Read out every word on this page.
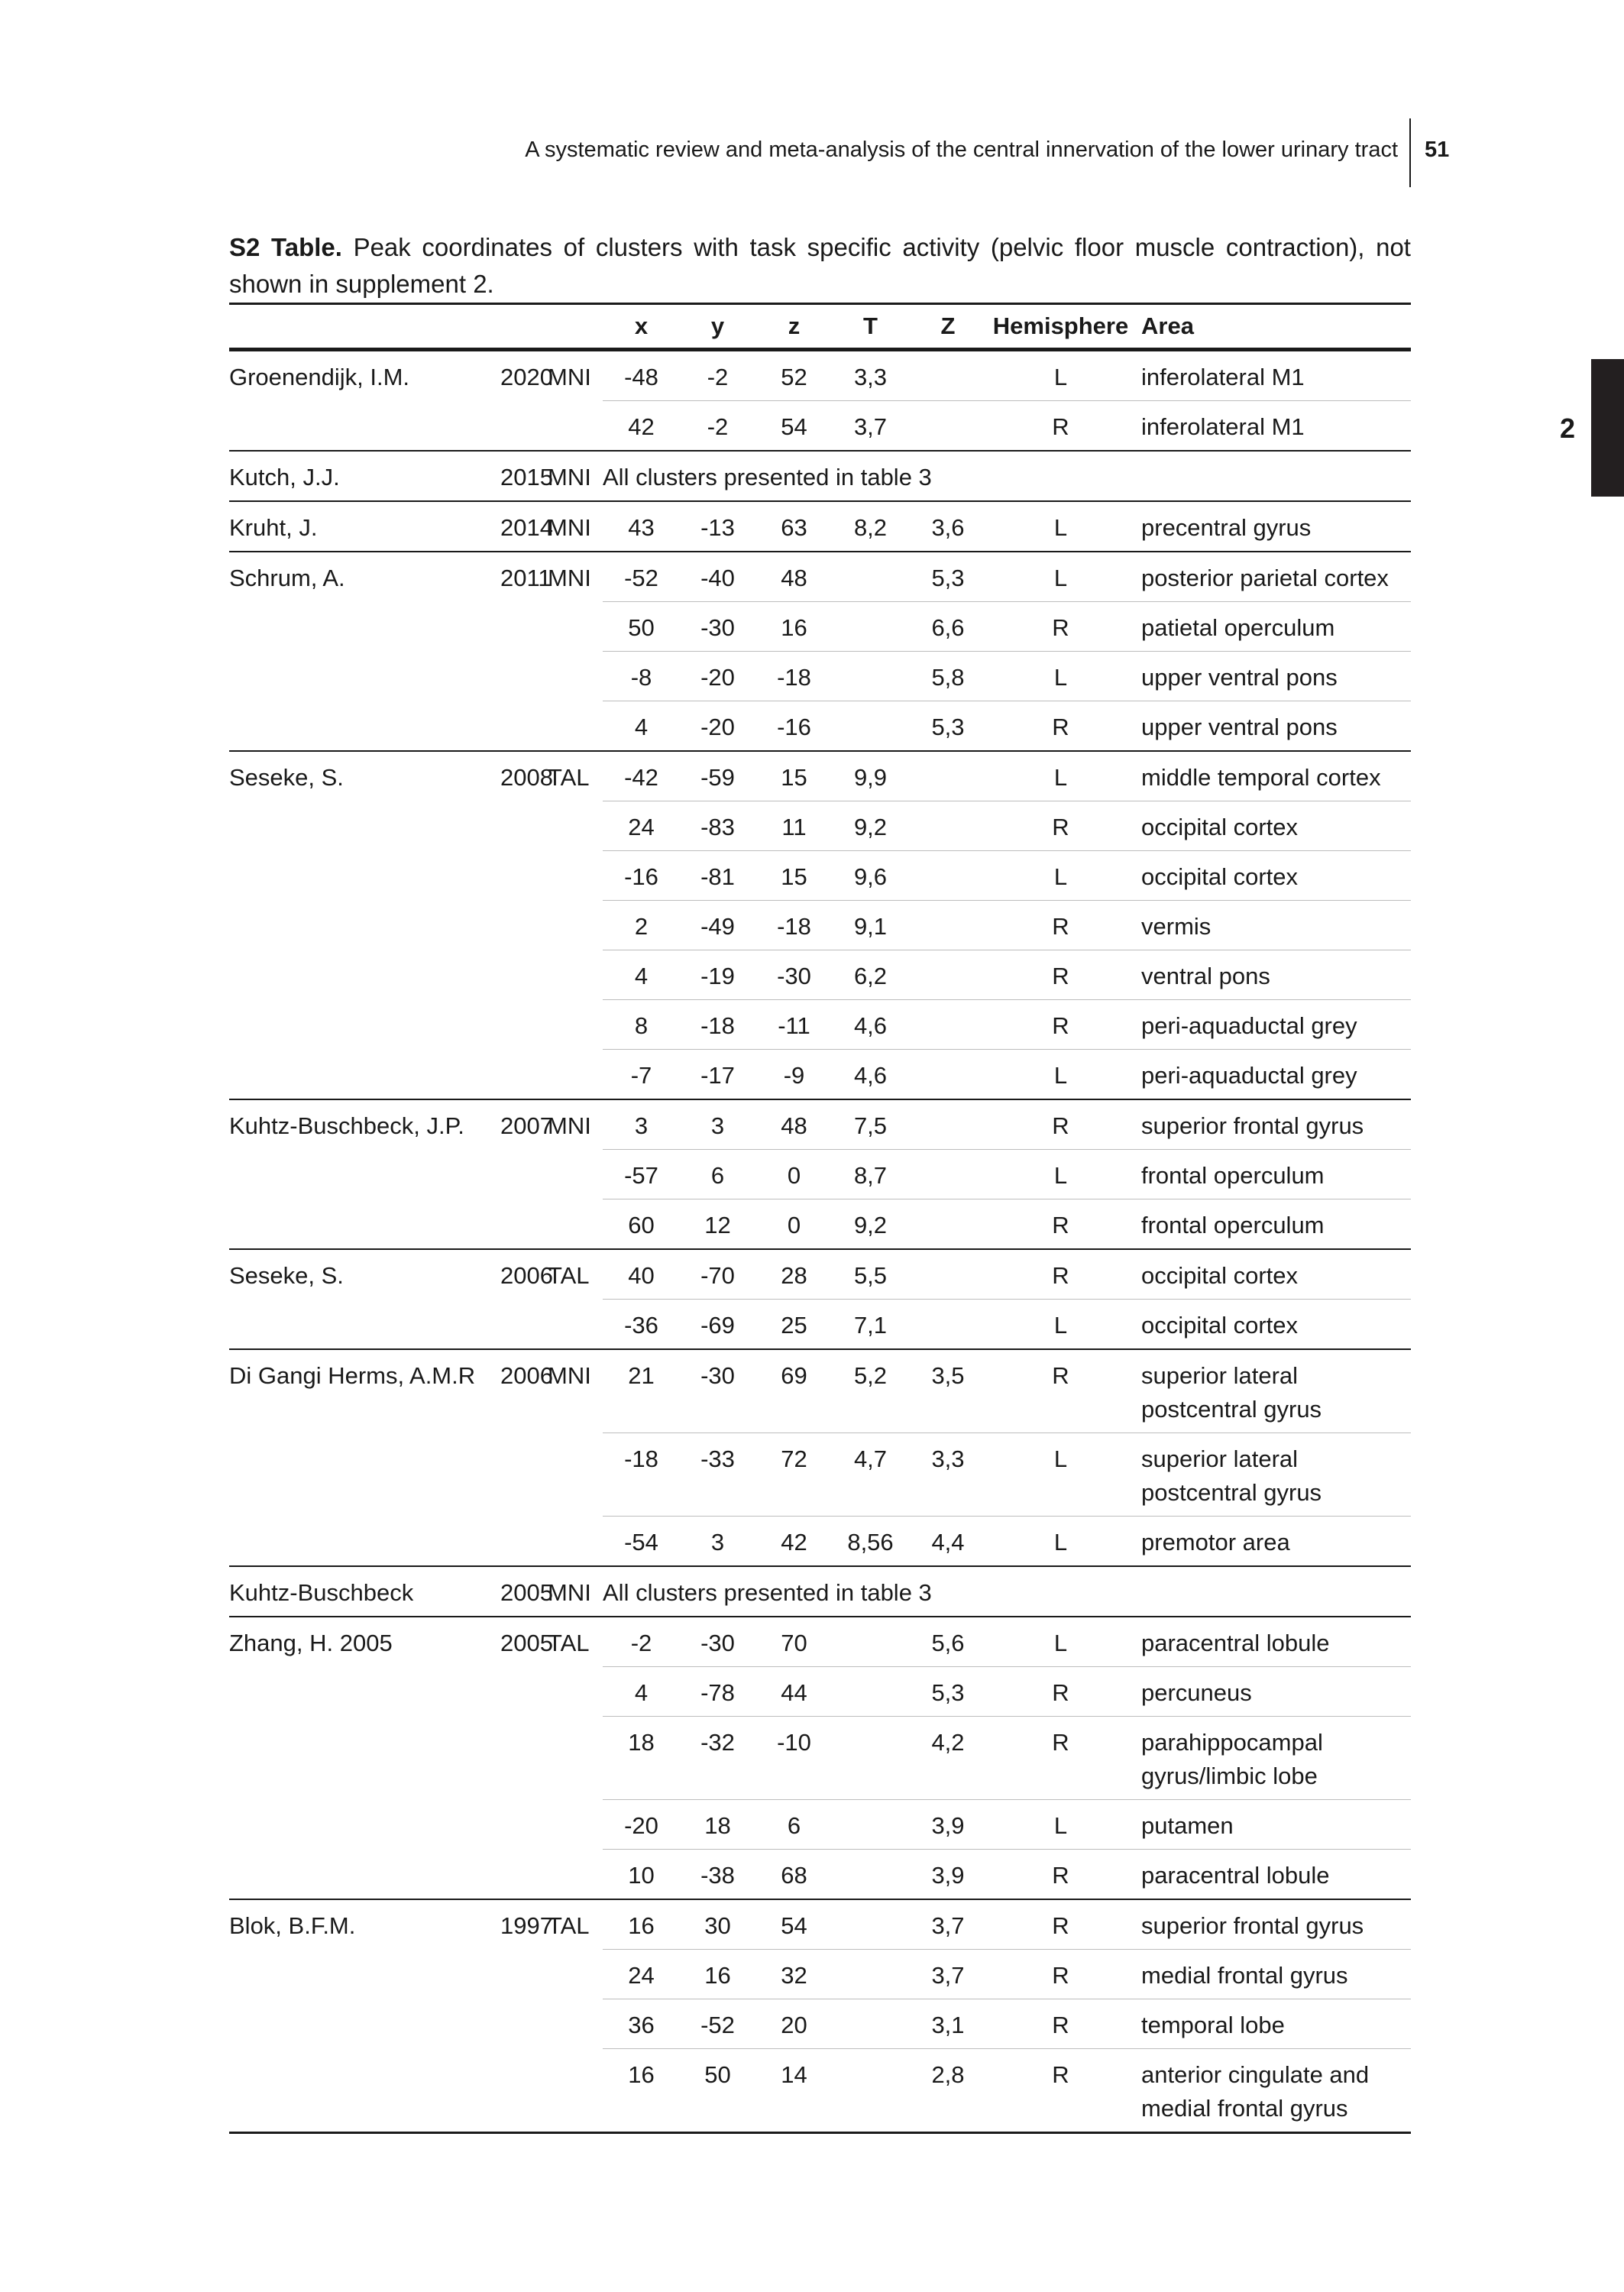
A systematic review and meta-analysis of the central innervation of the lower urinary tract 51
2
S2 Table. Peak coordinates of clusters with task specific activity (pelvic floor muscle contraction), not shown in supplement 2.
			x	y	z	T	Z	Hemisphere	Area
Groenendijk, I.M.	2020	MNI	-48	-2	52	3,3		L	inferolateral M1
			42	-2	54	3,7		R	inferolateral M1
Kutch, J.J.	2015	MNI	All clusters presented in table 3						
Kruht, J.	2014	MNI	43	-13	63	8,2	3,6	L	precentral gyrus
Schrum, A.	2011	MNI	-52	-40	48		5,3	L	posterior parietal cortex
			50	-30	16		6,6	R	patietal operculum
			-8	-20	-18		5,8	L	upper ventral pons
			4	-20	-16		5,3	R	upper ventral pons
Seseke, S.	2008	TAL	-42	-59	15	9,9		L	middle temporal cortex
			24	-83	11	9,2		R	occipital cortex
			-16	-81	15	9,6		L	occipital cortex
			2	-49	-18	9,1		R	vermis
			4	-19	-30	6,2		R	ventral pons
			8	-18	-11	4,6		R	peri-aquaductal grey
			-7	-17	-9	4,6		L	peri-aquaductal grey
Kuhtz-Buschbeck, J.P.	2007	MNI	3	3	48	7,5		R	superior frontal gyrus
			-57	6	0	8,7		L	frontal operculum
			60	12	0	9,2		R	frontal operculum
Seseke, S.	2006	TAL	40	-70	28	5,5		R	occipital cortex
			-36	-69	25	7,1		L	occipital cortex
Di Gangi Herms, A.M.R	2006	MNI	21	-30	69	5,2	3,5	R	superior lateral postcentral gyrus
			-18	-33	72	4,7	3,3	L	superior lateral postcentral gyrus
			-54	3	42	8,56	4,4	L	premotor area
Kuhtz-Buschbeck	2005	MNI	All clusters presented in table 3						
Zhang, H. 2005	2005	TAL	-2	-30	70		5,6	L	paracentral lobule
			4	-78	44		5,3	R	percuneus
			18	-32	-10		4,2	R	parahippocampal gyrus/limbic lobe
			-20	18	6		3,9	L	putamen
			10	-38	68		3,9	R	paracentral lobule
Blok, B.F.M.	1997	TAL	16	30	54		3,7	R	superior frontal gyrus
			24	16	32		3,7	R	medial frontal gyrus
			36	-52	20		3,1	R	temporal lobe
			16	50	14		2,8	R	anterior cingulate and medial frontal gyrus
